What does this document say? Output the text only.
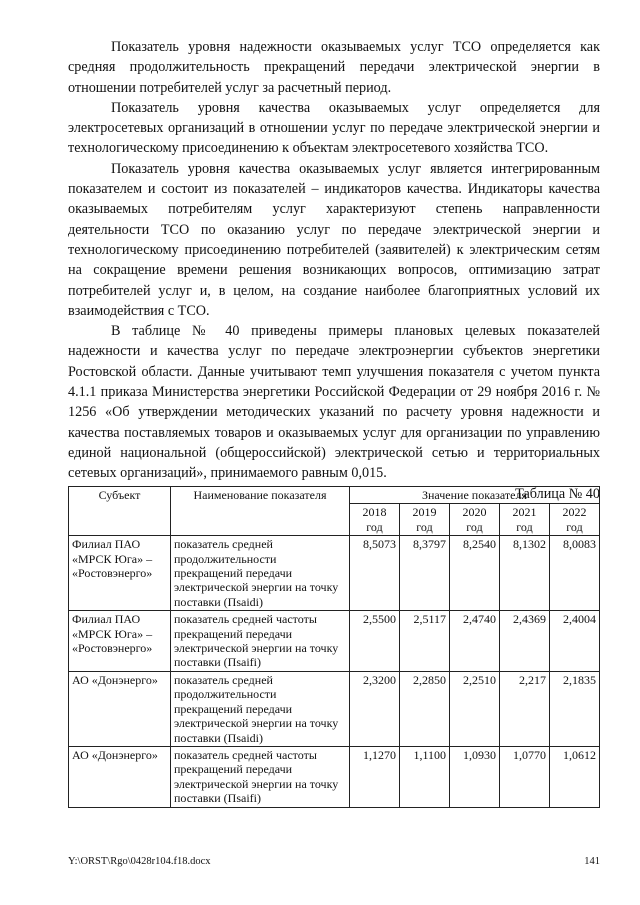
Показатель уровня надежности оказываемых услуг ТСО определяется как средняя продолжительность прекращений передачи электрической энергии в отношении потребителей услуг за расчетный период.

Показатель уровня качества оказываемых услуг определяется для электросетевых организаций в отношении услуг по передаче электрической энергии и технологическому присоединению к объектам электросетевого хозяйства ТСО.

Показатель уровня качества оказываемых услуг является интегрированным показателем и состоит из показателей – индикаторов качества. Индикаторы качества оказываемых потребителям услуг характеризуют степень направленности деятельности ТСО по оказанию услуг по передаче электрической энергии и технологическому присоединению потребителей (заявителей) к электрическим сетям на сокращение времени решения возникающих вопросов, оптимизацию затрат потребителей услуг и, в целом, на создание наиболее благоприятных условий их взаимодействия с ТСО.

В таблице № 40 приведены примеры плановых целевых показателей надежности и качества услуг по передаче электроэнергии субъектов энергетики Ростовской области. Данные учитывают темп улучшения показателя с учетом пункта 4.1.1 приказа Министерства энергетики Российской Федерации от 29 ноября 2016 г. № 1256 «Об утверждении методических указаний по расчету уровня надежности и качества поставляемых товаров и оказываемых услуг для организации по управлению единой национальной (общероссийской) электрической сетью и территориальных сетевых организаций», принимаемого равным 0,015.

Таблица № 40

Субъект	Наименование показателя	Значение показателя				
		2018 год	2019 год	2020 год	2021 год	2022 год
Филиал ПАО «МРСК Юга» – «Ростовэнерго»	показатель средней продолжительности прекращений передачи электрической энергии на точку поставки (Пsaidi)	8,5073	8,3797	8,2540	8,1302	8,0083
Филиал ПАО «МРСК Юга» – «Ростовэнерго»	показатель средней частоты прекращений передачи электрической энергии на точку поставки (Пsaifi)	2,5500	2,5117	2,4740	2,4369	2,4004
АО «Донэнерго»	показатель средней продолжительности прекращений передачи электрической энергии на точку поставки (Пsaidi)	2,3200	2,2850	2,2510	2,217	2,1835
АО «Донэнерго»	показатель средней частоты прекращений передачи электрической энергии на точку поставки (Пsaifi)	1,1270	1,1100	1,0930	1,0770	1,0612
Y:\ORST\Rgo\0428r104.f18.docx	141
